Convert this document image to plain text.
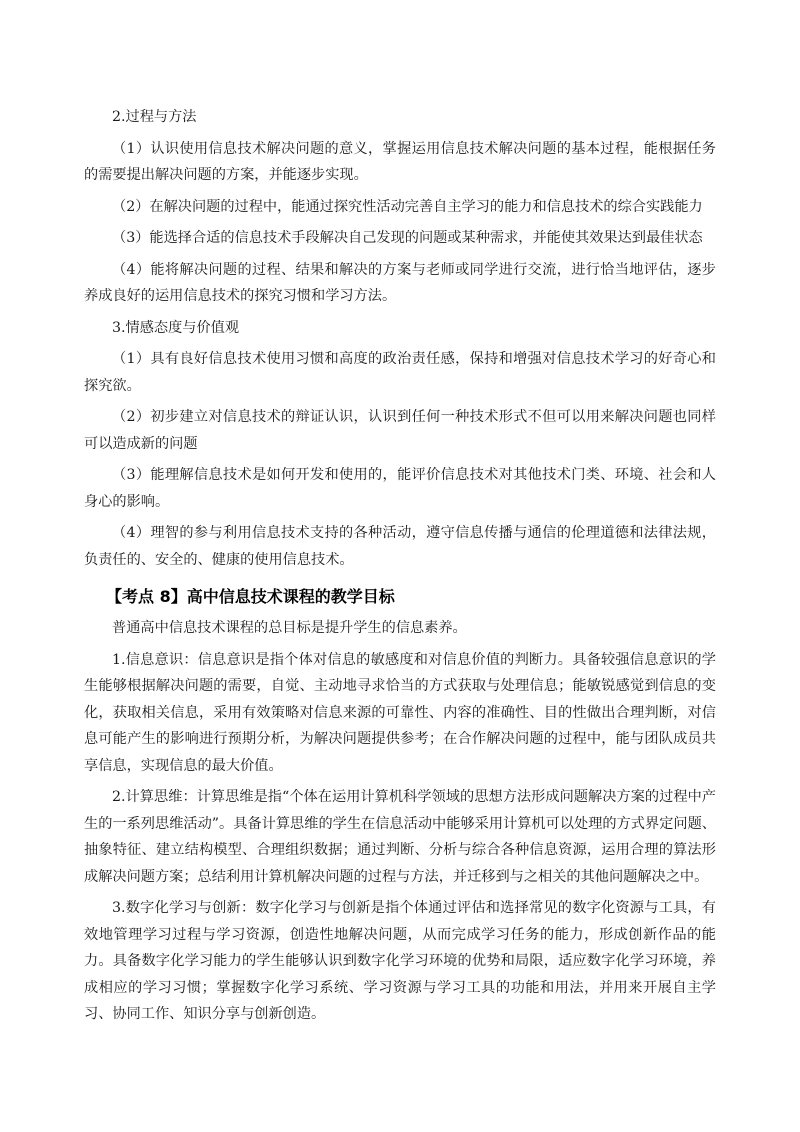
2.过程与方法

（1）认识使用信息技术解决问题的意义，掌握运用信息技术解决问题的基本过程，能根据任务的需要提出解决问题的方案，并能逐步实现。

（2）在解决问题的过程中，能通过探究性活动完善自主学习的能力和信息技术的综合实践能力

（3）能选择合适的信息技术手段解决自己发现的问题或某种需求，并能使其效果达到最佳状态

（4）能将解决问题的过程、结果和解决的方案与老师或同学进行交流，进行恰当地评估，逐步养成良好的运用信息技术的探究习惯和学习方法。

3.情感态度与价值观

（1）具有良好信息技术使用习惯和高度的政治责任感，保持和增强对信息技术学习的好奇心和探究欲。

（2）初步建立对信息技术的辩证认识，认识到任何一种技术形式不但可以用来解决问题也同样可以造成新的问题

（3）能理解信息技术是如何开发和使用的，能评价信息技术对其他技术门类、环境、社会和人身心的影响。

（4）理智的参与利用信息技术支持的各种活动，遵守信息传播与通信的伦理道德和法律法规，负责任的、安全的、健康的使用信息技术。

【考点 8】高中信息技术课程的教学目标

普通高中信息技术课程的总目标是提升学生的信息素养。

1.信息意识：信息意识是指个体对信息的敏感度和对信息价值的判断力。具备较强信息意识的学生能够根据解决问题的需要，自觉、主动地寻求恰当的方式获取与处理信息；能敏锐感觉到信息的变化，获取相关信息，采用有效策略对信息来源的可靠性、内容的准确性、目的性做出合理判断，对信息可能产生的影响进行预期分析，为解决问题提供参考；在合作解决问题的过程中，能与团队成员共享信息，实现信息的最大价值。

2.计算思维：计算思维是指“个体在运用计算机科学领域的思想方法形成问题解决方案的过程中产生的一系列思维活动”。具备计算思维的学生在信息活动中能够采用计算机可以处理的方式界定问题、抽象特征、建立结构模型、合理组织数据；通过判断、分析与综合各种信息资源，运用合理的算法形成解决问题方案；总结利用计算机解决问题的过程与方法，并迁移到与之相关的其他问题解决之中。

3.数字化学习与创新：数字化学习与创新是指个体通过评估和选择常见的数字化资源与工具，有效地管理学习过程与学习资源，创造性地解决问题，从而完成学习任务的能力，形成创新作品的能力。具备数字化学习能力的学生能够认识到数字化学习环境的优势和局限，适应数字化学习环境，养成相应的学习习惯；掌握数字化学习系统、学习资源与学习工具的功能和用法，并用来开展自主学习、协同工作、知识分享与创新创造。
